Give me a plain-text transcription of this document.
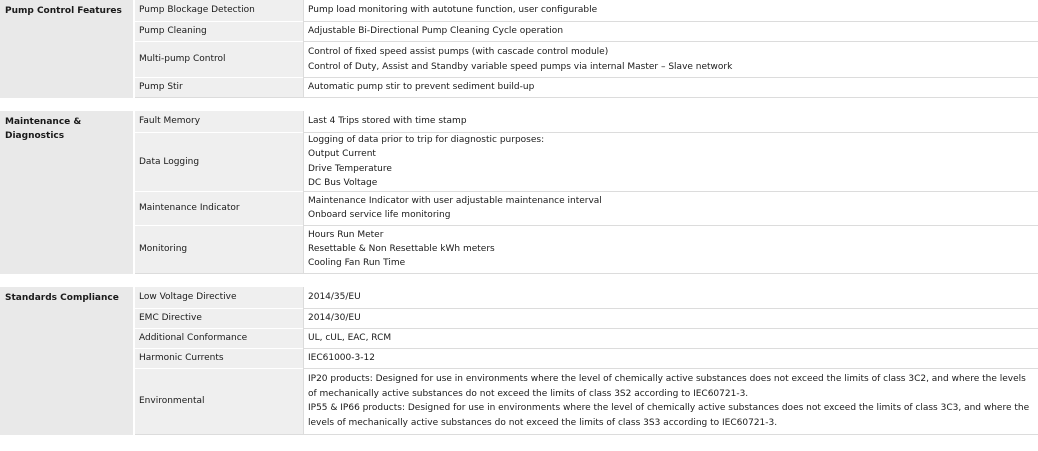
Pump Control Features	Pump Blockage Detection	Pump load monitoring with autotune function, user configurable

	Pump Cleaning	Adjustable Bi-Directional Pump Cleaning Cycle operation

	Multi-pump Control	Control of fixed speed assist pumps (with cascade control module)
Control of Duty, Assist and Standby variable speed pumps via internal Master – Slave network

	Pump Stir	Automatic pump stir to prevent sediment build-up

Maintenance & Diagnostics	Fault Memory	Last 4 Trips stored with time stamp

	Data Logging	Logging of data prior to trip for diagnostic purposes:
Output Current
Drive Temperature
DC Bus Voltage

	Maintenance Indicator	Maintenance Indicator with user adjustable maintenance interval
Onboard service life monitoring

	Monitoring	Hours Run Meter
Resettable & Non Resettable kWh meters
Cooling Fan Run Time

Standards Compliance	Low Voltage Directive	2014/35/EU

	EMC Directive	2014/30/EU

	Additional Conformance	UL, cUL, EAC, RCM

	Harmonic Currents	IEC61000-3-12

	Environmental	IP20 products: Designed for use in environments where the level of chemically active substances does not exceed the limits of class 3C2, and where the levels of mechanically active substances do not exceed the limits of class 3S2 according to IEC60721-3.
IP55 & IP66 products: Designed for use in environments where the level of chemically active substances does not exceed the limits of class 3C3, and where the levels of mechanically active substances do not exceed the limits of class 3S3 according to IEC60721-3.
